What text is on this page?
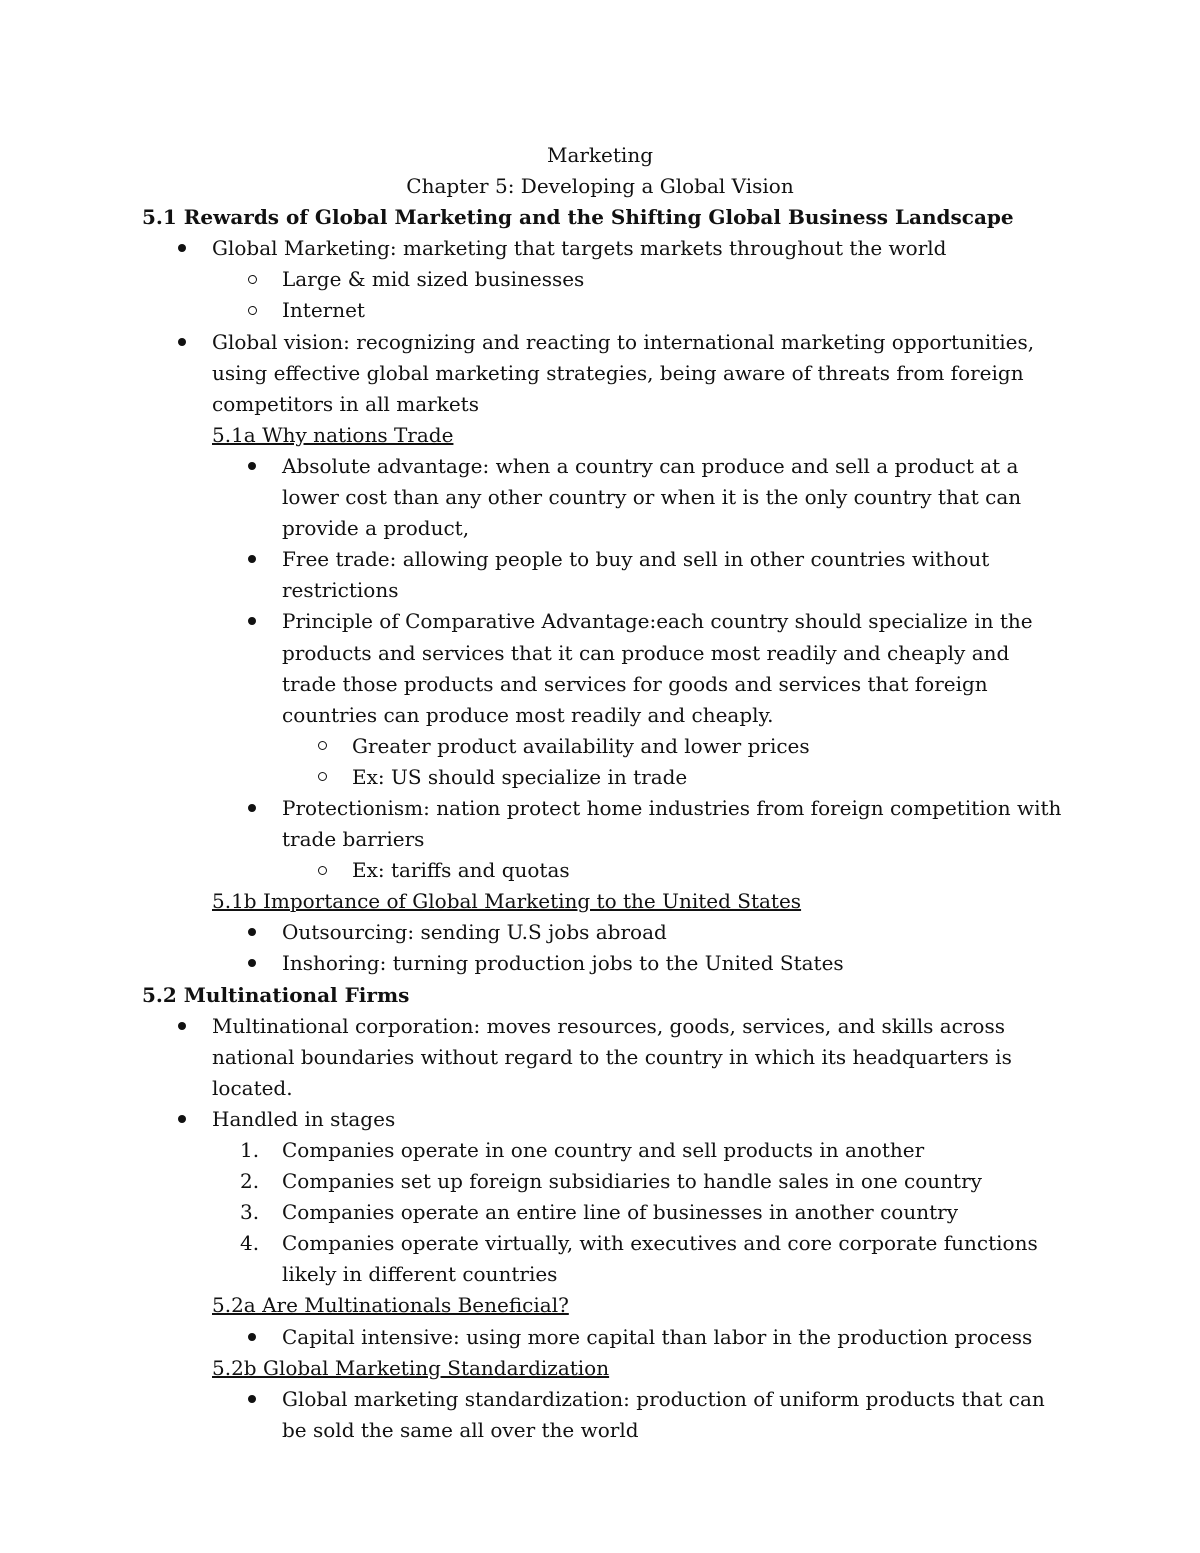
Marketing
Chapter 5: Developing a Global Vision
5.1 Rewards of Global Marketing and the Shifting Global Business Landscape
Global Marketing: marketing that targets markets throughout the world
Large & mid sized businesses
Internet
Global vision: recognizing and reacting to international marketing opportunities, using effective global marketing strategies, being aware of threats from foreign competitors in all markets
5.1a Why nations Trade
Absolute advantage: when a country can produce and sell a product at a lower cost than any other country or when it is the only country that can provide a product,
Free trade: allowing people to buy and sell in other countries without restrictions
Principle of Comparative Advantage:each country should specialize in the products and services that it can produce most readily and cheaply and trade those products and services for goods and services that foreign countries can produce most readily and cheaply.
Greater product availability and lower prices
Ex: US should specialize in trade
Protectionism: nation protect home industries from foreign competition with trade barriers
Ex: tariffs and quotas
5.1b Importance of Global Marketing to the United States
Outsourcing: sending U.S jobs abroad
Inshoring: turning production jobs to the United States
5.2 Multinational Firms
Multinational corporation: moves resources, goods, services, and skills across national boundaries without regard to the country in which its headquarters is located.
Handled in stages
1.	Companies operate in one country and sell products in another
2.	Companies set up foreign subsidiaries to handle sales in one country
3.	Companies operate an entire line of businesses in another country
4.	Companies operate virtually, with executives and core corporate functions likely in different countries
5.2a Are Multinationals Beneficial?
Capital intensive: using more capital than labor in the production process
5.2b Global Marketing Standardization
Global marketing standardization: production of uniform products that can be sold the same all over the world
